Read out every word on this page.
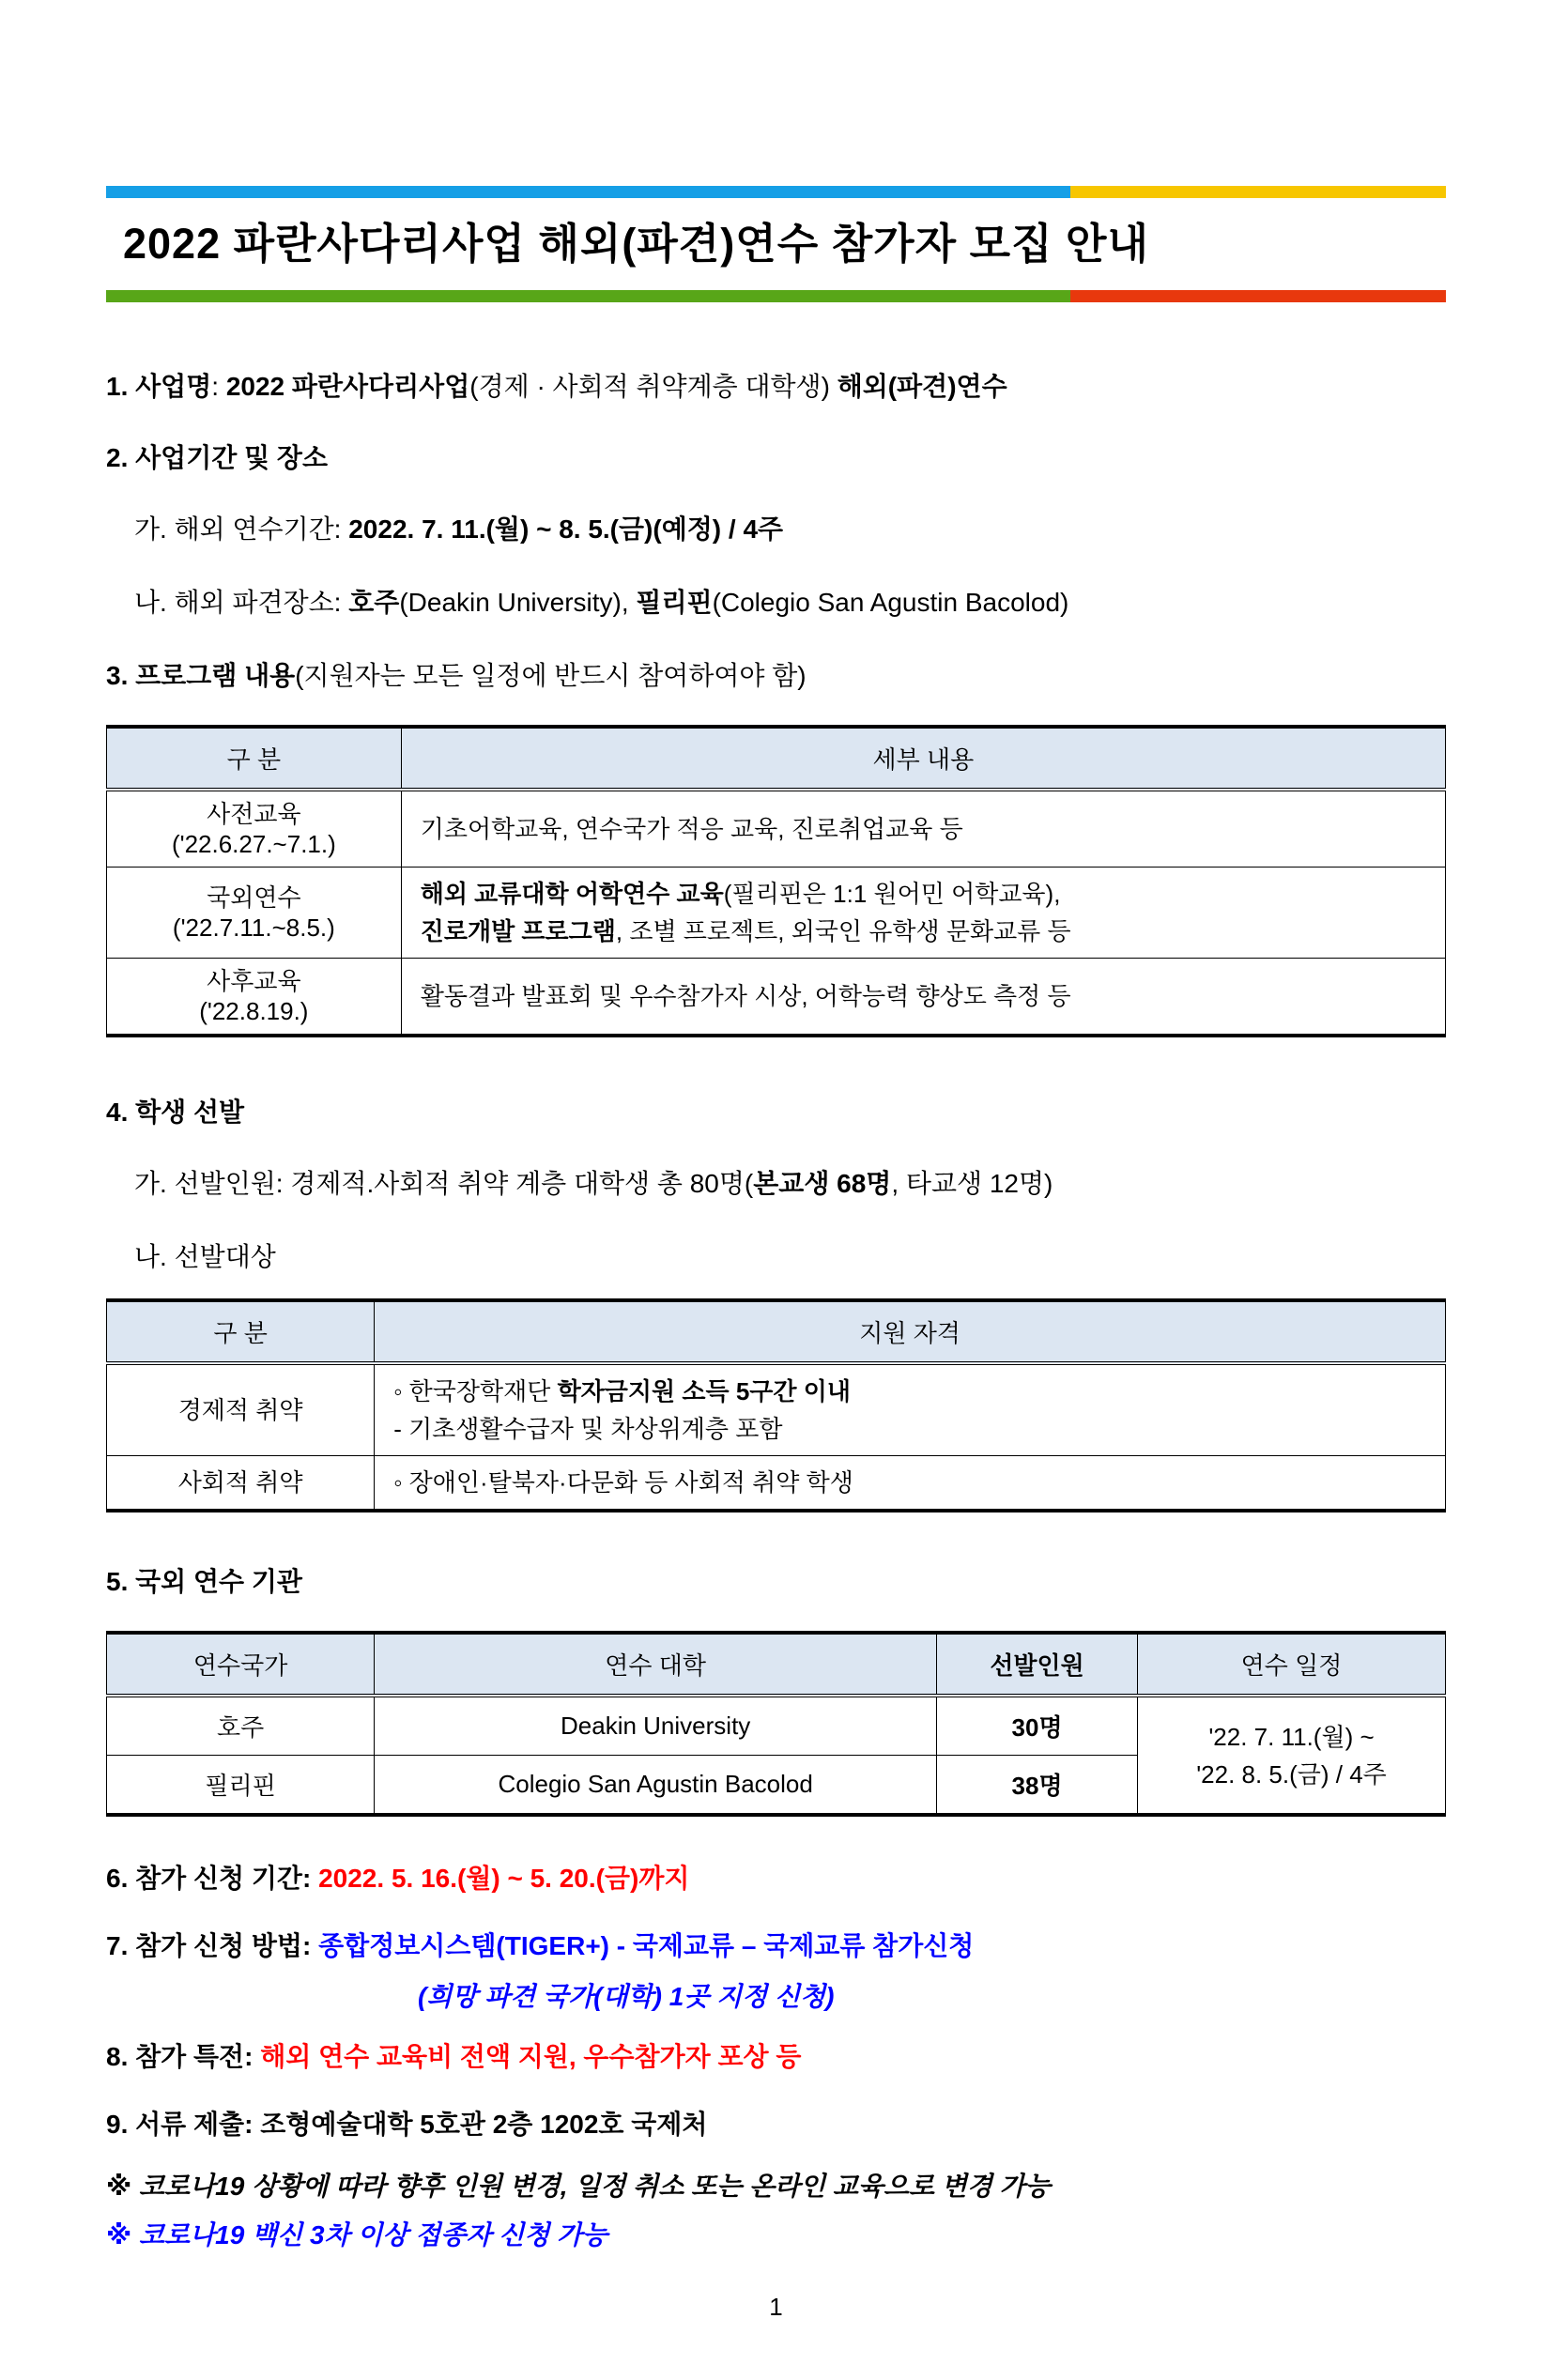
2022 파란사다리사업 해외(파견)연수 참가자 모집 안내

1. 사업명: 2022 파란사다리사업(경제 · 사회적 취약계층 대학생) 해외(파견)연수

2. 사업기간 및 장소

가. 해외 연수기간: 2022. 7. 11.(월) ~ 8. 5.(금)(예정) / 4주

나. 해외 파견장소: 호주(Deakin University), 필리핀(Colegio San Agustin Bacolod)

3. 프로그램 내용(지원자는 모든 일정에 반드시 참여하여야 함)

구 분	세부 내용

사전교육
('22.6.27.~7.1.)	기초어학교육, 연수국가 적응 교육, 진로취업교육 등

국외연수
('22.7.11.~8.5.)
	해외 교류대학 어학연수 교육(필리핀은 1:1 원어민 어학교육),
진로개발 프로그램, 조별 프로젝트, 외국인 유학생 문화교류 등

사후교육
('22.8.19.)	활동결과 발표회 및 우수참가자 시상, 어학능력 향상도 측정 등

4. 학생 선발

가. 선발인원: 경제적.사회적 취약 계층 대학생 총 80명(본교생 68명, 타교생 12명)

나. 선발대상

구 분	지원 자격
경제적 취약	◦ 한국장학재단 학자금지원 소득 5구간 이내
- 기초생활수급자 및 차상위계층 포함
사회적 취약	◦ 장애인·탈북자·다문화 등 사회적 취약 학생

5. 국외 연수 기관

연수국가	연수 대학	선발인원	연수 일정
호주	Deakin University	30명	'22. 7. 11.(월) ~
'22. 8. 5.(금) / 4주
필리핀	Colegio San Agustin Bacolod	38명	

6. 참가 신청 기간: 2022. 5. 16.(월) ~ 5. 20.(금)까지

7. 참가 신청 방법: 종합정보시스템(TIGER+) - 국제교류 – 국제교류 참가신청

(희망 파견 국가(대학) 1곳 지정 신청)

8. 참가 특전: 해외 연수 교육비 전액 지원, 우수참가자 포상 등

9. 서류 제출: 조형예술대학 5호관 2층 1202호 국제처

※ 코로나19 상황에 따라 향후 인원 변경, 일정 취소 또는 온라인 교육으로 변경 가능

※ 코로나19 백신 3차 이상 접종자 신청 가능

1
